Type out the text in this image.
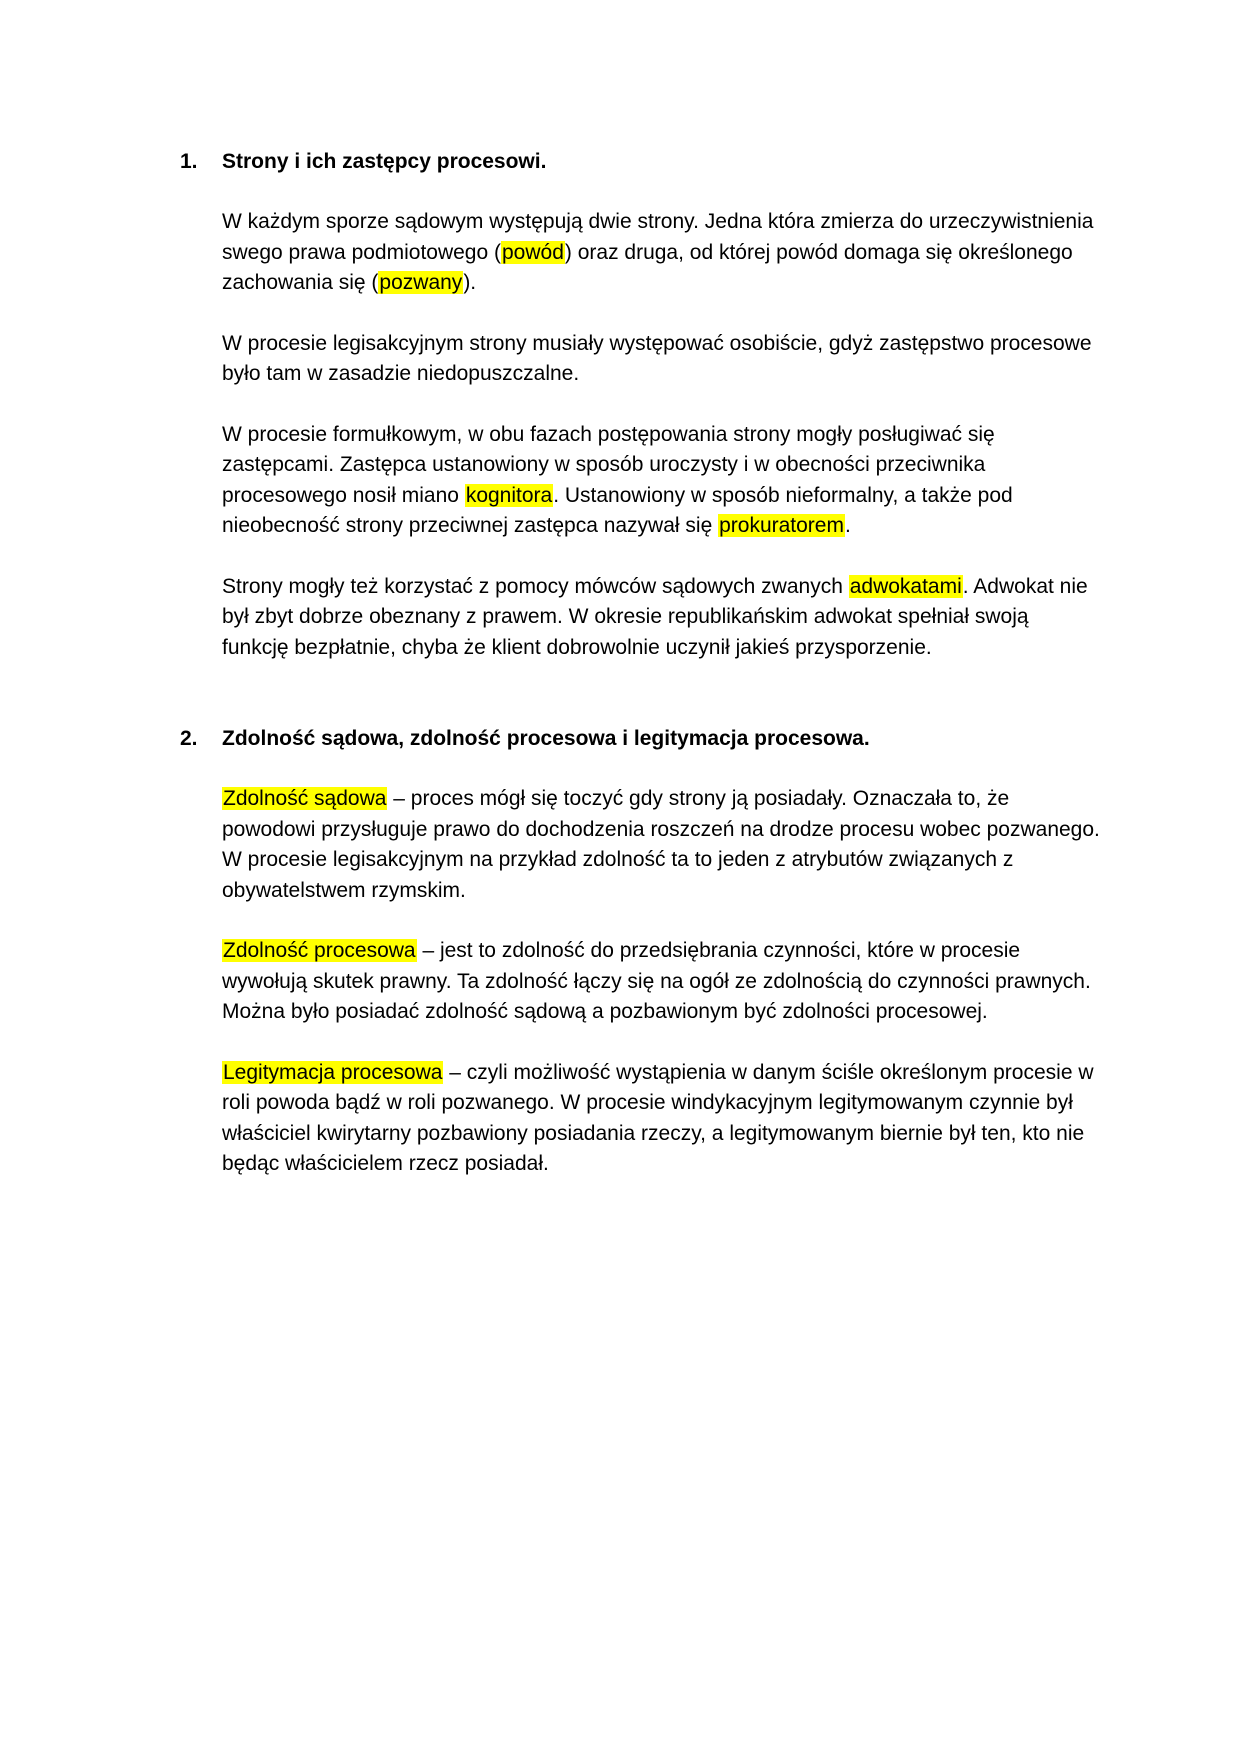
1.	Strony i ich zastępcy procesowi.

W każdym sporze sądowym występują dwie strony. Jedna która zmierza do urzeczywistnienia swego prawa podmiotowego (powód) oraz druga, od której powód domaga się określonego zachowania się (pozwany).

W procesie legisakcyjnym strony musiały występować osobiście, gdyż zastępstwo procesowe było tam w zasadzie niedopuszczalne.

W procesie formułkowym, w obu fazach postępowania strony mogły posługiwać się zastępcami. Zastępca ustanowiony w sposób uroczysty i w obecności przeciwnika procesowego nosił miano kognitora. Ustanowiony w sposób nieformalny, a także pod nieobecność strony przeciwnej zastępca nazywał się prokuratorem.

Strony mogły też korzystać z pomocy mówców sądowych zwanych adwokatami. Adwokat nie był zbyt dobrze obeznany z prawem. W okresie republikańskim adwokat spełniał swoją funkcję bezpłatnie, chyba że klient dobrowolnie uczynił jakieś przysporzenie.

2.	Zdolność sądowa, zdolność procesowa i legitymacja procesowa.

Zdolność sądowa – proces mógł się toczyć gdy strony ją posiadały. Oznaczała to, że powodowi przysługuje prawo do dochodzenia roszczeń na drodze procesu wobec pozwanego. W procesie legisakcyjnym na przykład zdolność ta to jeden z atrybutów związanych z obywatelstwem rzymskim.

Zdolność procesowa – jest to zdolność do przedsiębrania czynności, które w procesie wywołują skutek prawny. Ta zdolność łączy się na ogół ze zdolnością do czynności prawnych. Można było posiadać zdolność sądową a pozbawionym być zdolności procesowej.

Legitymacja procesowa – czyli możliwość wystąpienia w danym ściśle określonym procesie w roli powoda bądź w roli pozwanego. W procesie windykacyjnym legitymowanym czynnie był właściciel kwirytarny pozbawiony posiadania rzeczy, a legitymowanym biernie był ten, kto nie będąc właścicielem rzecz posiadał.
